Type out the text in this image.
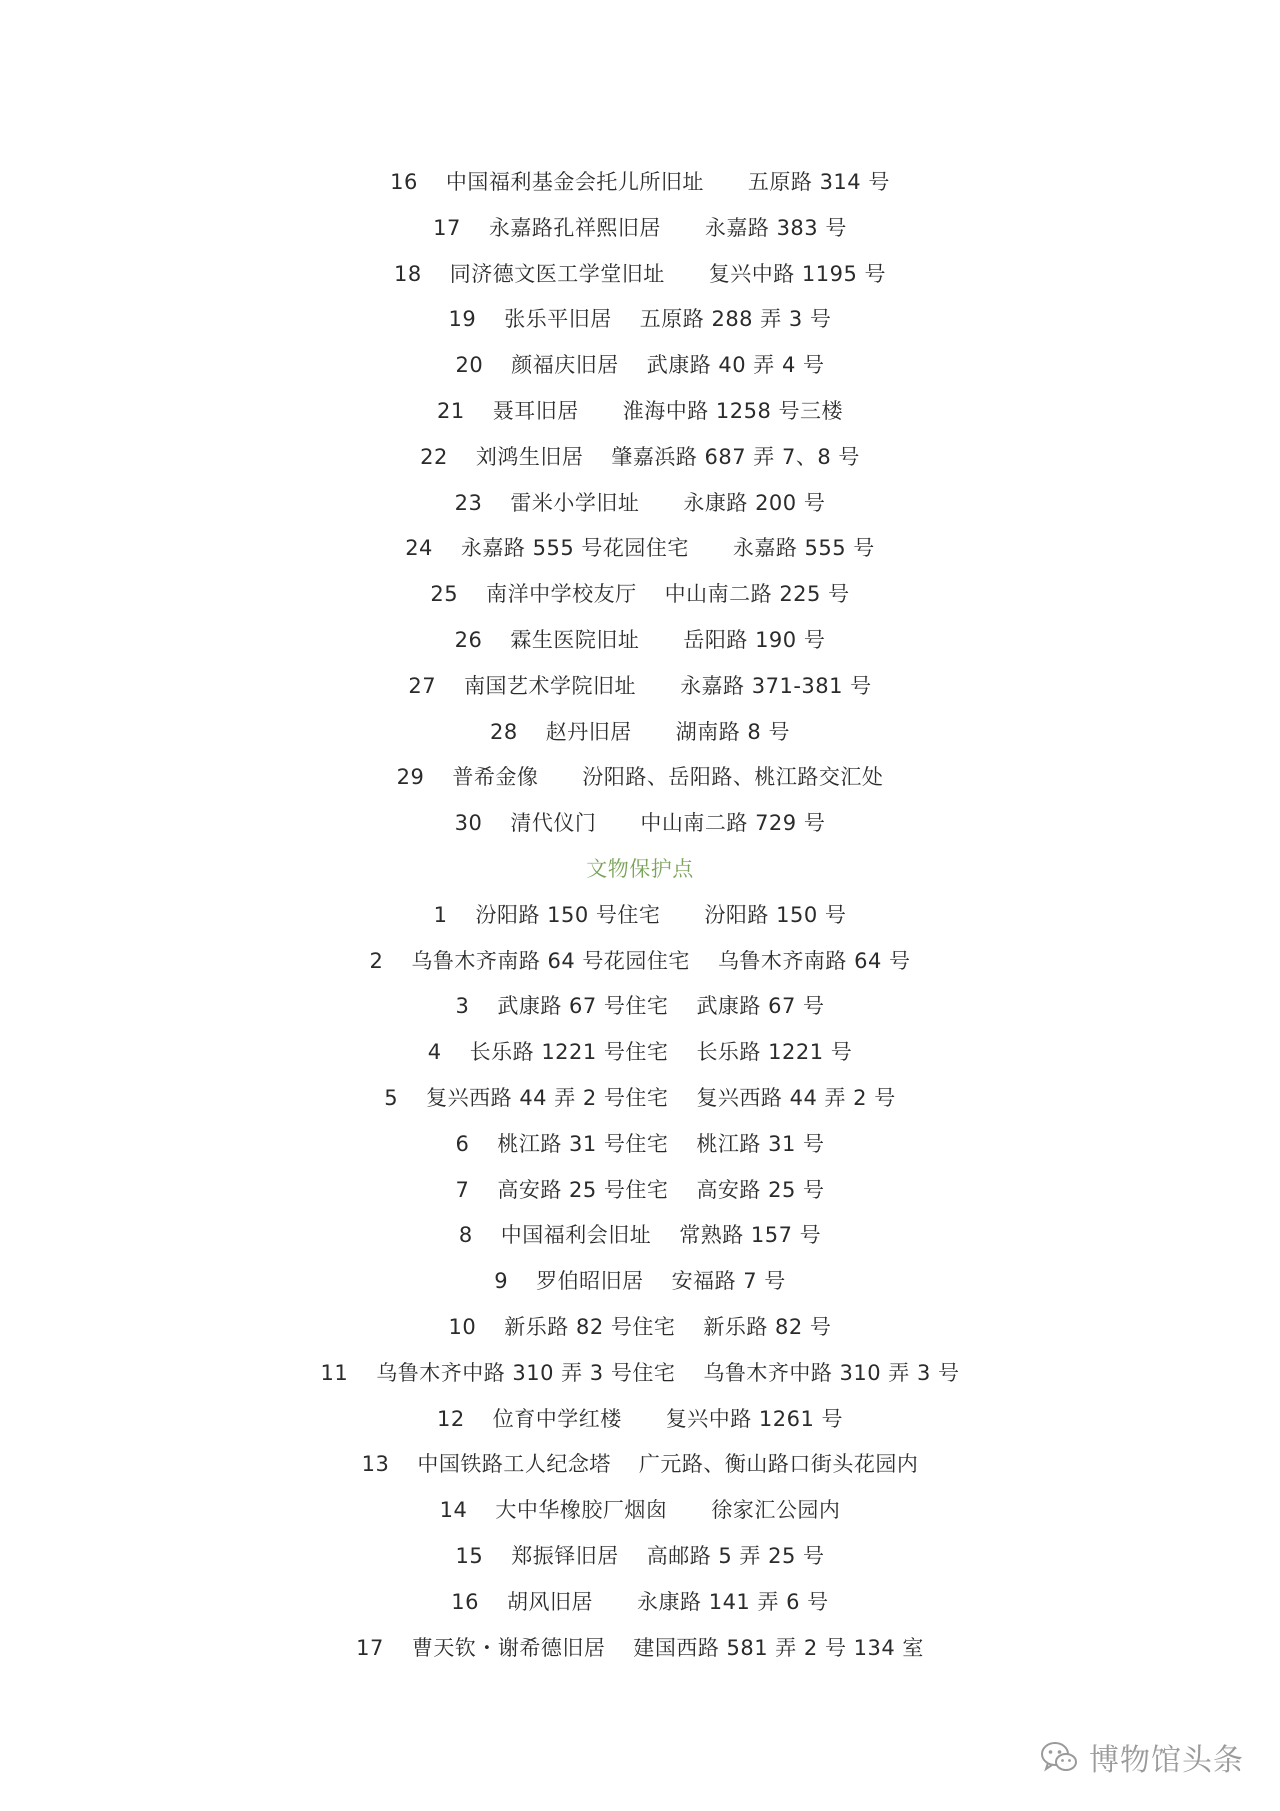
16 中国福利基金会托儿所旧址 五原路 314 号
17 永嘉路孔祥熙旧居 永嘉路 383 号
18 同济德文医工学堂旧址 复兴中路 1195 号
19 张乐平旧居 五原路 288 弄 3 号
20 颜福庆旧居 武康路 40 弄 4 号
21 聂耳旧居 淮海中路 1258 号三楼
22 刘鸿生旧居 肇嘉浜路 687 弄 7、8 号
23 雷米小学旧址 永康路 200 号
24 永嘉路 555 号花园住宅 永嘉路 555 号
25 南洋中学校友厅 中山南二路 225 号
26 霖生医院旧址 岳阳路 190 号
27 南国艺术学院旧址 永嘉路 371-381 号
28 赵丹旧居 湖南路 8 号
29 普希金像 汾阳路、岳阳路、桃江路交汇处
30 清代仪门 中山南二路 729 号
文物保护点
1 汾阳路 150 号住宅 汾阳路 150 号
2 乌鲁木齐南路 64 号花园住宅 乌鲁木齐南路 64 号
3 武康路 67 号住宅 武康路 67 号
4 长乐路 1221 号住宅 长乐路 1221 号
5 复兴西路 44 弄 2 号住宅 复兴西路 44 弄 2 号
6 桃江路 31 号住宅 桃江路 31 号
7 高安路 25 号住宅 高安路 25 号
8 中国福利会旧址 常熟路 157 号
9 罗伯昭旧居 安福路 7 号
10 新乐路 82 号住宅 新乐路 82 号
11 乌鲁木齐中路 310 弄 3 号住宅 乌鲁木齐中路 310 弄 3 号
12 位育中学红楼 复兴中路 1261 号
13 中国铁路工人纪念塔 广元路、衡山路口街头花园内
14 大中华橡胶厂烟囱 徐家汇公园内
15 郑振铎旧居 高邮路 5 弄 25 号
16 胡风旧居 永康路 141 弄 6 号
17 曹天钦・谢希德旧居 建国西路 581 弄 2 号 134 室
博物馆头条
